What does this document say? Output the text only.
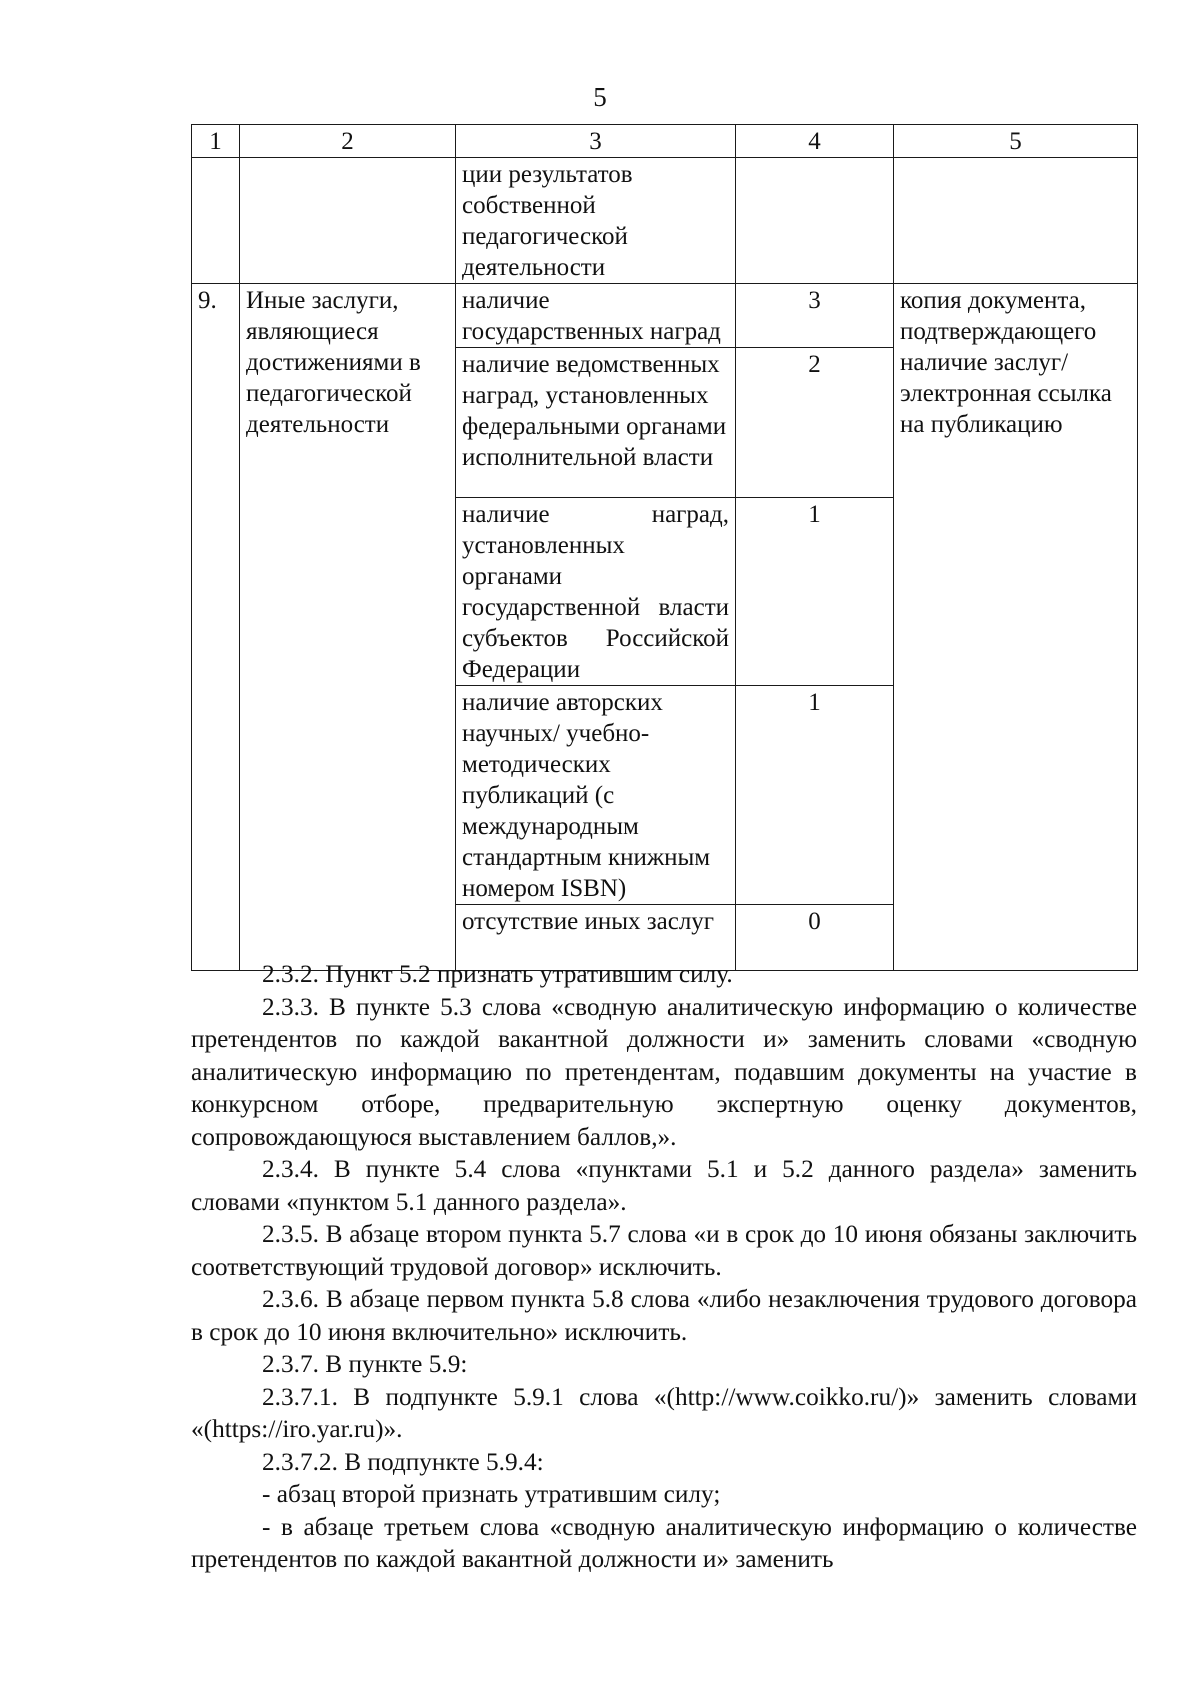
5
1	2	3	4	5
		ции результатов собственной педагогической деятельности		
9.	Иные заслуги, являющиеся достижениями в педагогической деятельности	наличие государственных наград	3	копия документа, подтверждающего наличие заслуг/ электронная ссылка на публикацию
		наличие ведомственных наград, установленных федеральными органами исполнительной власти	2	
		наличие наград, установленных органами государственной власти субъектов Российской Федерации	1	
		наличие авторских научных/ учебно-методических публикаций (с международным стандартным книжным номером ISBN)	1	
		отсутствие иных заслуг	0	

2.3.2. Пункт 5.2 признать утратившим силу.

2.3.3. В пункте 5.3 слова «сводную аналитическую информацию о количестве претендентов по каждой вакантной должности и» заменить словами «сводную аналитическую информацию по претендентам, подавшим документы на участие в конкурсном отборе, предварительную экспертную оценку документов, сопровождающуюся выставлением баллов,».

2.3.4. В пункте 5.4 слова «пунктами 5.1 и 5.2 данного раздела» заменить словами «пунктом 5.1 данного раздела».

2.3.5. В абзаце втором пункта 5.7 слова «и в срок до 10 июня обязаны заключить соответствующий трудовой договор» исключить.

2.3.6. В абзаце первом пункта 5.8 слова «либо незаключения трудового договора в срок до 10 июня включительно» исключить.

2.3.7. В пункте 5.9:

2.3.7.1. В подпункте 5.9.1 слова «(http://www.coikko.ru/)» заменить словами «(https://iro.yar.ru)».

2.3.7.2. В подпункте 5.9.4:

- абзац второй признать утратившим силу;

- в абзаце третьем слова «сводную аналитическую информацию о количестве претендентов по каждой вакантной должности и» заменить
